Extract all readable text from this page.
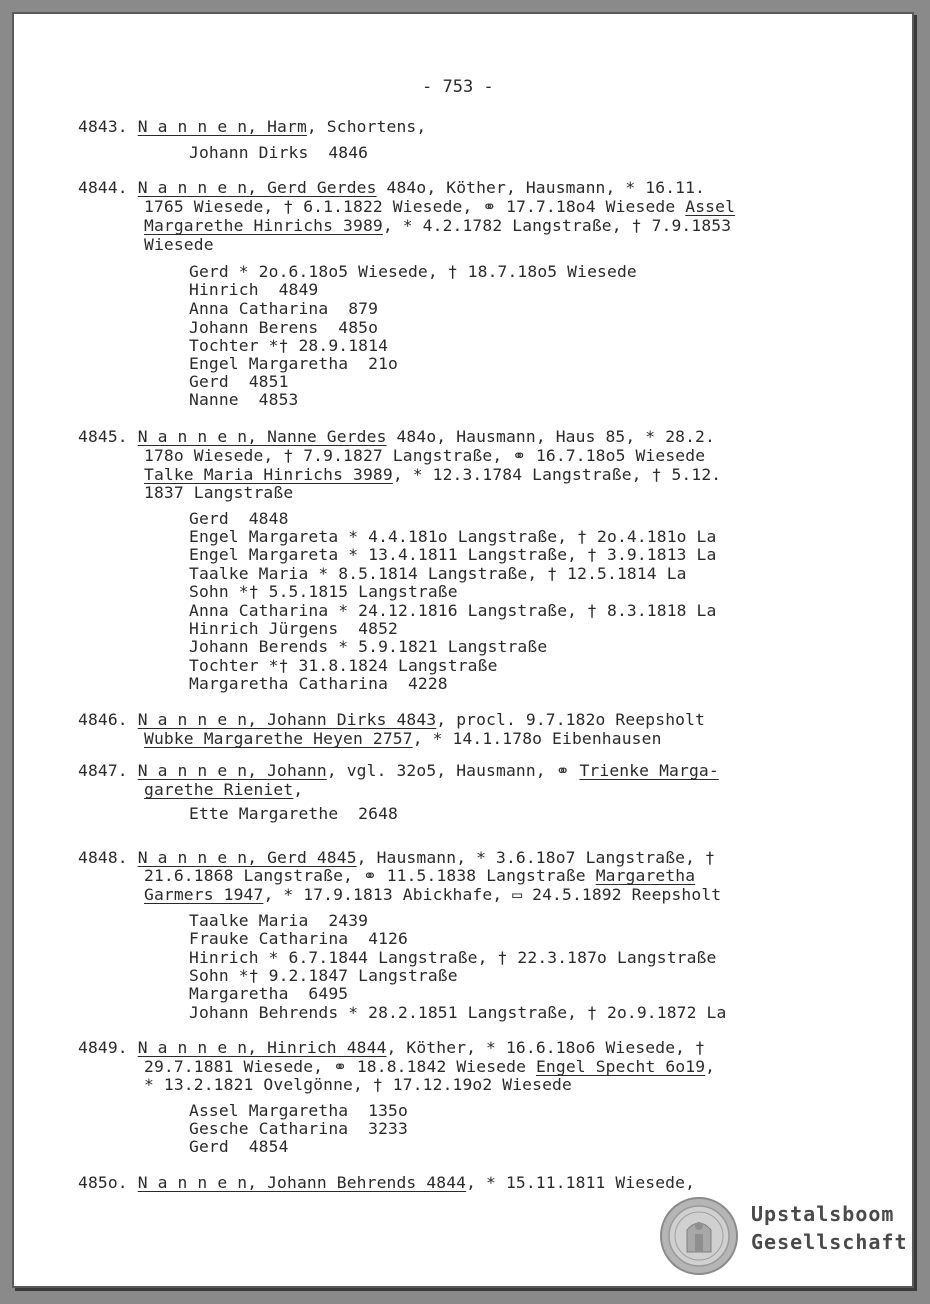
- 753 -
4843. N a n n e n, Harm, Schortens,
Johann Dirks  4846
4844. N a n n e n, Gerd Gerdes 484o, Köther, Hausmann, * 16.11.
1765 Wiesede, † 6.1.1822 Wiesede, ⚭ 17.7.18o4 Wiesede Assel
Margarethe Hinrichs 3989, * 4.2.1782 Langstraße, † 7.9.1853
Wiesede
Gerd * 2o.6.18o5 Wiesede, † 18.7.18o5 Wiesede
Hinrich  4849
Anna Catharina  879
Johann Berens  485o
Tochter *† 28.9.1814
Engel Margaretha  21o
Gerd  4851
Nanne  4853
4845. N a n n e n, Nanne Gerdes 484o, Hausmann, Haus 85, * 28.2.
178o Wiesede, † 7.9.1827 Langstraße, ⚭ 16.7.18o5 Wiesede
Talke Maria Hinrichs 3989, * 12.3.1784 Langstraße, † 5.12.
1837 Langstraße
Gerd  4848
Engel Margareta * 4.4.181o Langstraße, † 2o.4.181o La
Engel Margareta * 13.4.1811 Langstraße, † 3.9.1813 La
Taalke Maria * 8.5.1814 Langstraße, † 12.5.1814 La
Sohn *† 5.5.1815 Langstraße
Anna Catharina * 24.12.1816 Langstraße, † 8.3.1818 La
Hinrich Jürgens  4852
Johann Berends * 5.9.1821 Langstraße
Tochter *† 31.8.1824 Langstraße
Margaretha Catharina  4228
4846. N a n n e n, Johann Dirks 4843, procl. 9.7.182o Reepsholt
Wubke Margarethe Heyen 2757, * 14.1.178o Eibenhausen
4847. N a n n e n, Johann, vgl. 32o5, Hausmann, ⚭ Trienke Marga-
garethe Rieniet,
Ette Margarethe  2648
4848. N a n n e n, Gerd 4845, Hausmann, * 3.6.18o7 Langstraße, †
21.6.1868 Langstraße, ⚭ 11.5.1838 Langstraße Margaretha
Garmers 1947, * 17.9.1813 Abickhafe, ▭ 24.5.1892 Reepsholt
Taalke Maria  2439
Frauke Catharina  4126
Hinrich * 6.7.1844 Langstraße, † 22.3.187o Langstraße
Sohn *† 9.2.1847 Langstraße
Margaretha  6495
Johann Behrends * 28.2.1851 Langstraße, † 2o.9.1872 La
4849. N a n n e n, Hinrich 4844, Köther, * 16.6.18o6 Wiesede, †
29.7.1881 Wiesede, ⚭ 18.8.1842 Wiesede Engel Specht 6o19,
* 13.2.1821 Ovelgönne, † 17.12.19o2 Wiesede
Assel Margaretha  135o
Gesche Catharina  3233
Gerd  4854
485o. N a n n e n, Johann Behrends 4844, * 15.11.1811 Wiesede,
Upstalsboom
Gesellschaft
